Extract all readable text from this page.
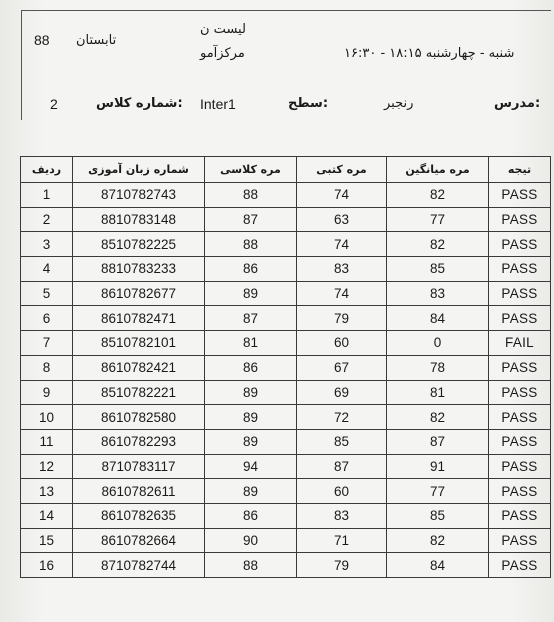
88 تابستان
لیست ن
مرکزآمو	شنبه - چهارشنبه ۱۸:۱۵ - ۱۶:۳۰
2	شماره کلاس: Inter1	سطح:	رنجبر	مدرس:
ردیف	شماره زبان آموزی	مره کلاسی	مره کتبی	مره میانگین	تیجه
1	8710782743	88	74	82	PASS
2	8810783148	87	63	77	PASS
3	8510782225	88	74	82	PASS
4	8810783233	86	83	85	PASS
5	8610782677	89	74	83	PASS
6	8610782471	87	79	84	PASS
7	8510782101	81	60	0	FAIL
8	8610782421	86	67	78	PASS
9	8510782221	89	69	81	PASS
10	8610782580	89	72	82	PASS
11	8610782293	89	85	87	PASS
12	8710783117	94	87	91	PASS
13	8610782611	89	60	77	PASS
14	8610782635	86	83	85	PASS
15	8610782664	90	71	82	PASS
16	8710782744	88	79	84	PASS
